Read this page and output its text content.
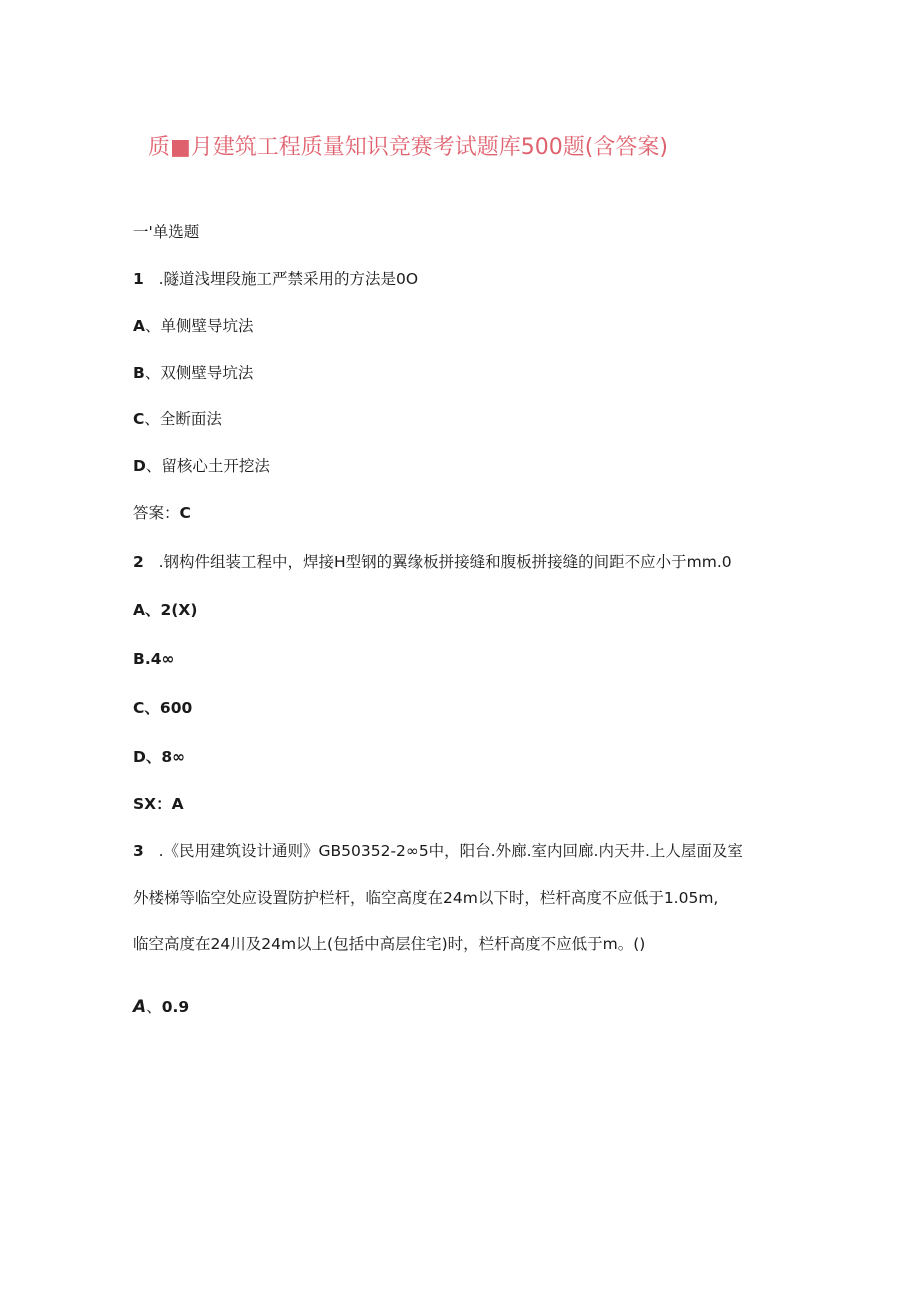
质■月建筑工程质量知识竞赛考试题库500题(含答案)
一'单选题
1 .隧道浅埋段施工严禁采用的方法是0O
A、单侧壁导坑法
B、双侧壁导坑法
C、全断面法
D、留核心土开挖法
答案：C
2 .钢构件组装工程中，焊接H型钢的翼缘板拼接缝和腹板拼接缝的间距不应小于mm.0
A、2(X)
B.4∞
C、600
D、8∞
SX：A
3 .《民用建筑设计通则》GB50352-2∞5中，阳台.外廊.室内回廊.内天井.上人屋面及室
外楼梯等临空处应设置防护栏杆，临空高度在24m以下时，栏杆高度不应低于1.05m,
临空高度在24川及24m以上(包括中高层住宅)时，栏杆高度不应低于m。()
A、0.9
